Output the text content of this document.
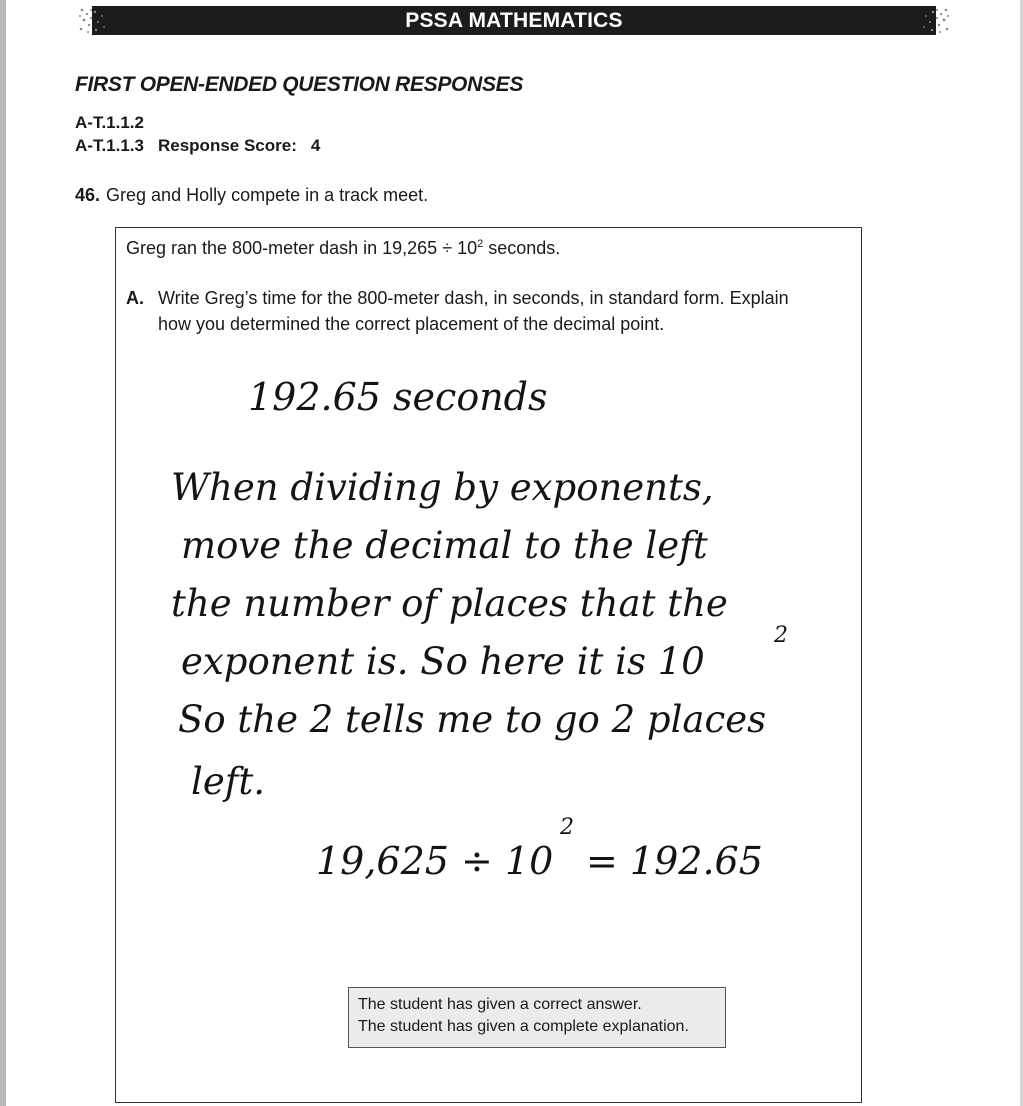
PSSA MATHEMATICS
FIRST OPEN-ENDED QUESTION RESPONSES
A-T.1.1.2
A-T.1.1.3 Response Score: 4
46. Greg and Holly compete in a track meet.
Greg ran the 800-meter dash in $19,265 \div 10^2$ seconds.
A. Write Greg’s time for the 800-meter dash, in seconds, in standard form. Explain
how you determined the correct placement of the decimal point.
192.65 seconds
When dividing by exponents,
move the decimal to the left
the number of places that the
exponent is. So here it is 10
2
So the 2 tells me to go 2 places
left.
19,625 ÷ 10
2
= 192.65
The student has given a correct answer.
The student has given a complete explanation.
